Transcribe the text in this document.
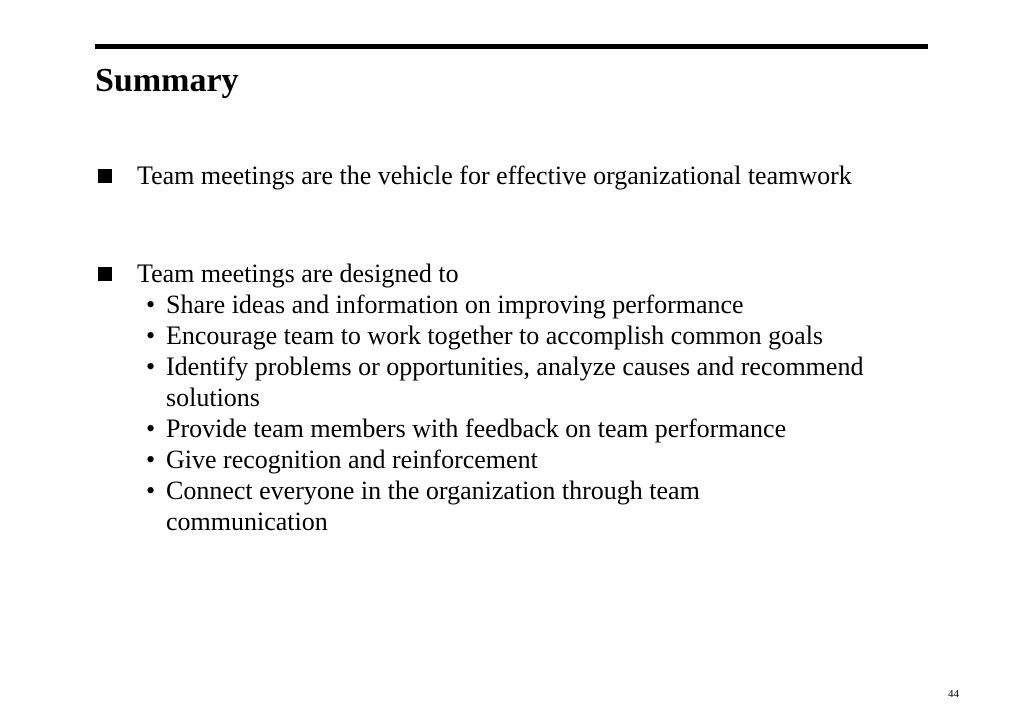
Summary
Team meetings are the vehicle for effective organizational teamwork
Team meetings are designed to
• Share ideas and information on improving performance
• Encourage team to work together to accomplish common goals
• Identify problems or opportunities, analyze causes and recommend solutions
• Provide team members with feedback on team performance
• Give recognition and reinforcement
• Connect everyone in the organization through team communication
44
